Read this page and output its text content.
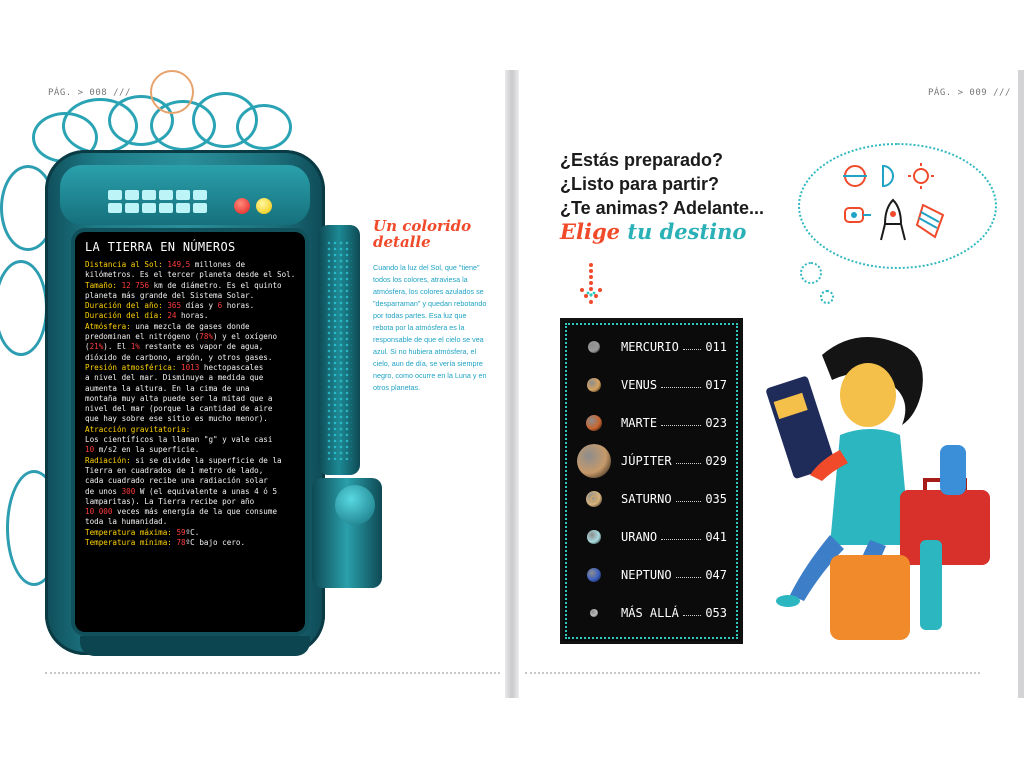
PÁG. > 008 ///
LA TIERRA EN NÚMEROS
Distancia al Sol: 149,5 millones de
kilómetros. Es el tercer planeta desde el Sol.
Tamaño: 12 756 km de diámetro. Es el quinto
planeta más grande del Sistema Solar.
Duración del año: 365 días y 6 horas.
Duración del día: 24 horas.
Atmósfera: una mezcla de gases donde
predominan el nitrógeno (78%) y el oxígeno
(21%). El 1% restante es vapor de agua,
dióxido de carbono, argón, y otros gases.
Presión atmosférica: 1013 hectopascales
a nivel del mar. Disminuye a medida que
aumenta la altura. En la cima de una
montaña muy alta puede ser la mitad que a
nivel del mar (porque la cantidad de aire
que hay sobre ese sitio es mucho menor).
Atracción gravitatoria:
Los científicos la llaman "g" y vale casi
10 m/s2 en la superficie.
Radiación: si se divide la superficie de la
Tierra en cuadrados de 1 metro de lado,
cada cuadrado recibe una radiación solar
de unos 300 W (el equivalente a unas 4 ó 5
lamparitas). La Tierra recibe por año
10 000 veces más energía de la que consume
toda la humanidad.
Temperatura máxima: 59ºC.
Temperatura mínima: 78ºC bajo cero.
Un colorido
detalle
Cuando la luz del Sol, que "tiene" todos los colores, atraviesa la atmósfera, los colores azulados se "desparraman" y quedan rebotando por todas partes. Esa luz que rebota por la atmósfera es la responsable de que el cielo se vea azul. Si no hubiera atmósfera, el cielo, aun de día, se vería siempre negro, como ocurre en la Luna y en otros planetas.
PÁG. > 009 ///
¿Estás preparado?
¿Listo para partir?
¿Te animas? Adelante...
Elige tu destino
MERCURIO 011
VENUS	017
MARTE	023
JÚPITER	029
SATURNO	035
URANO	041
NEPTUNO	047
MÁS ALLÁ 053
